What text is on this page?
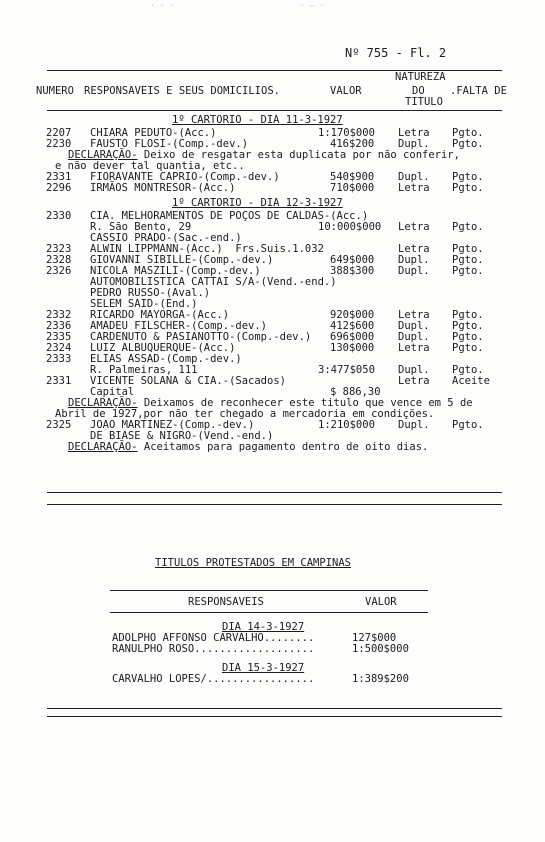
· · ·	· — ·
Nº 755 - Fl. 2
NATUREZA
NUMERO RESPONSAVEIS E SEUS DOMICILIOS.	VALOR	DO .FALTA DE
TITULO
1º CARTORIO - DIA 11-3-1927
2207 CHIARA PEDUTO-(Acc.)	1:170$000 Letra Pgto.
2230 FAUSTO FLOSI-(Comp.-dev.)	416$200 Dupl. Pgto.
DECLARAÇÃO- Deixo de resgatar esta duplicata por não conferir,
e não dever tal quantia, etc..
2331 FIORAVANTE CAPRIO-(Comp.-dev.)	540$900 Dupl. Pgto.
2296 IRMÃOS MONTRESOR-(Acc.)	710$000 Letra Pgto.
1º CARTORIO - DIA 12-3-1927
2330 CIA. MELHORAMENTOS DE POÇOS DE CALDAS-(Acc.)
R. São Bento, 29	10:000$000 Letra Pgto.
CASSIO PRADO-(Sac.-end.)
2323 ALWIN LIPPMANN-(Acc.)  Frs.Suis.1.032	Letra Pgto.
2328 GIOVANNI SIBILLE-(Comp.-dev.)	649$000 Dupl. Pgto.
2326 NICOLA MASZILI-(Comp.-dev.)	388$300 Dupl. Pgto.
AUTOMOBILISTICA CATTAI S/A-(Vend.-end.)
PEDRO RUSSO-(Aval.)
SELEM SAID-(End.)
2332 RICARDO MAYORGA-(Acc.)	920$000 Letra Pgto.
2336 AMADEU FILSCHER-(Comp.-dev.)	412$600 Dupl. Pgto.
2335 CARDENUTO & PASIANOTTO-(Comp.-dev.) 696$000 Dupl. Pgto.
2324 LUIZ ALBUQUERQUE-(Acc.)	130$000 Letra Pgto.
2333 ELIAS ASSAD-(Comp.-dev.)
R. Palmeiras, 111	3:477$050 Dupl. Pgto.
2331 VICENTE SOLANA & CIA.-(Sacados)	Letra Aceite
Capital	$ 886,30
DECLARAÇÃO- Deixamos de reconhecer este titulo que vence em 5 de
Abril de 1927,por não ter chegado a mercadoria em condições.
2325 JOAO MARTINEZ-(Comp.-dev.)	1:210$000 Dupl. Pgto.
DE BIASE & NIGRO-(Vend.-end.)
DECLARAÇÃO- Aceitamos para pagamento dentro de oito dias.
TITULOS PROTESTADOS EM CAMPINAS
RESPONSAVEIS	VALOR
DIA 14-3-1927
ADOLPHO AFFONSO CARVALHO........	127$000
RANULPHO ROSO...................	1:500$000
DIA 15-3-1927
CARVALHO LOPES/.................	1:389$200
